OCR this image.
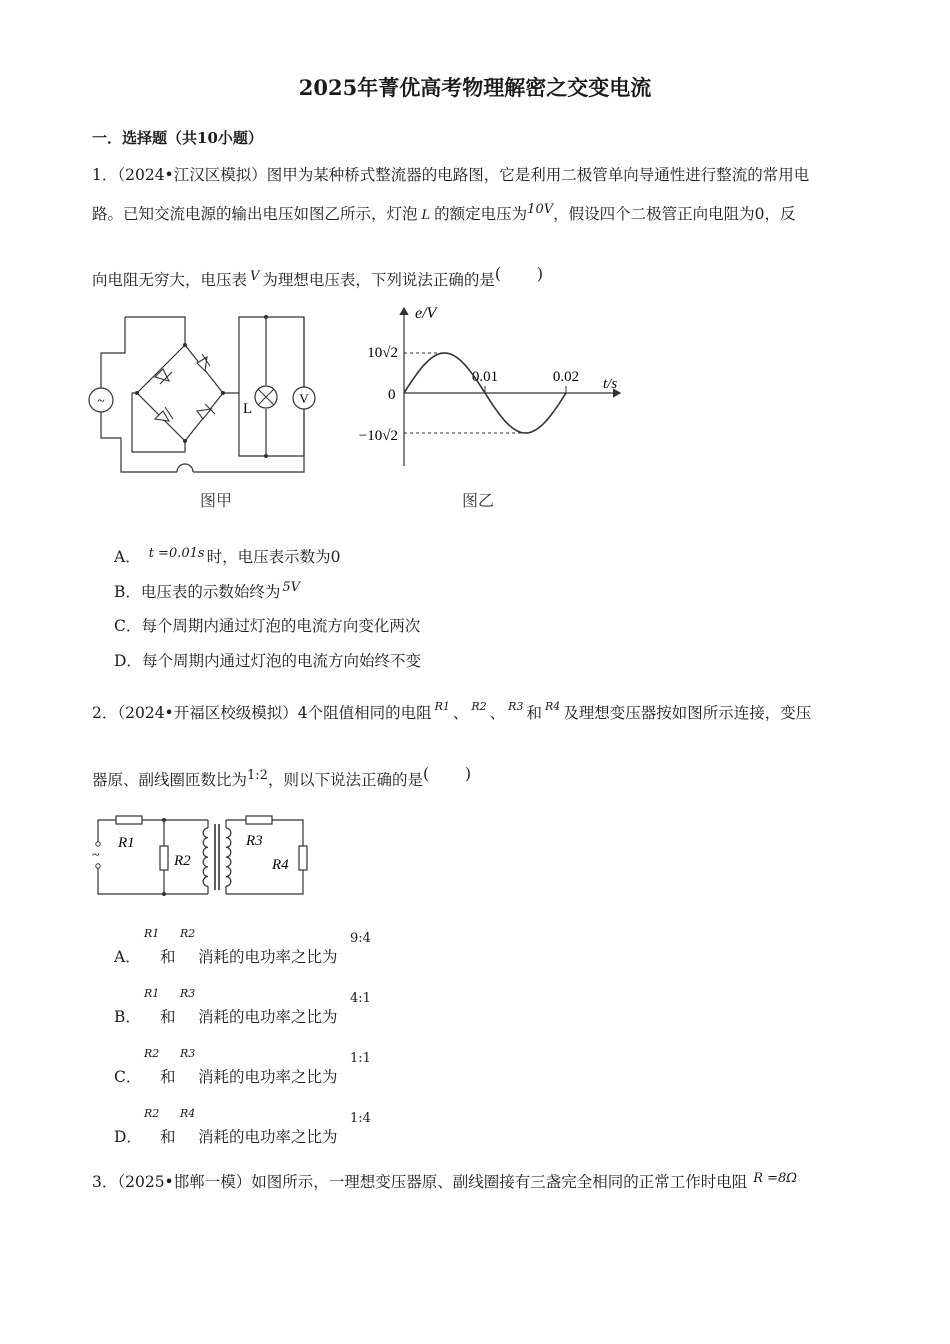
2025年菁优高考物理解密之交变电流
一．选择题（共10小题）
1．（2024•江汉区模拟）图甲为某种桥式整流器的电路图，它是利用二极管单向导通性进行整流的常用电
路。已知交流电源的输出电压如图乙所示，灯泡 L 的额定电压为$^{10V}$，假设四个二极管正向电阻为0，反
向电阻无穷大，电压表 $^V$ 为理想电压表，下列说法正确的是( )
~	L
V
图甲
e/V
t/s
0
10√2
−10√2
0.01	0.02
图乙
A． $^{t =0.01s}$ 时，电压表示数为0
B．电压表的示数始终为 $^{5V}$
C．每个周期内通过灯泡的电流方向变化两次
D．每个周期内通过灯泡的电流方向始终不变
2．（2024•开福区校级模拟）4个阻值相同的电阻 $^{R1}$ 、 $^{R2}$ 、 $^{R3}$ 和 $^{R4}$ 及理想变压器按如图所示连接，变压
器原、副线圈匝数比为$^{1:2}$，则以下说法正确的是( )
~
R1
R2
R3
R4
A．
R1
和
R2
消耗的电功率之比为
9:4
B．
R1
和
R3
消耗的电功率之比为
4:1
C．
R2
和
R3
消耗的电功率之比为
1:1
D．
R2
和
R4
消耗的电功率之比为
1:4
3．（2025•邯郸一模）如图所示，一理想变压器原、副线圈接有三盏完全相同的正常工作时电阻 $^{R =8\Omega}$
